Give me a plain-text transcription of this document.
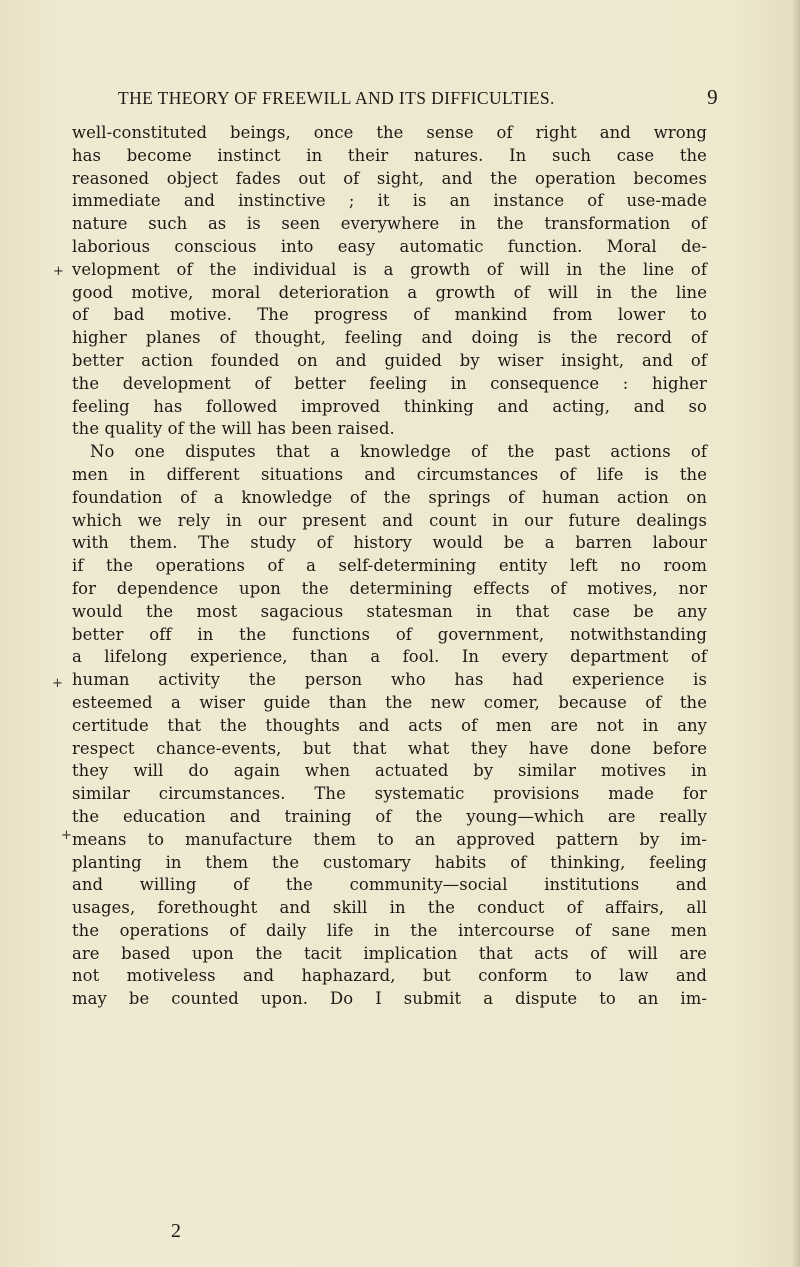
THE THEORY OF FREEWILL AND ITS DIFFICULTIES.	9
well-constituted beings, once the sense of right and wrong
has become instinct in their natures. In such case the
reasoned object fades out of sight, and the operation becomes
immediate and instinctive ; it is an instance of use-made
nature such as is seen everywhere in the transformation of
laborious conscious into easy automatic function. Moral de-
velopment of the individual is a growth of will in the line of
good motive, moral deterioration a growth of will in the line
of bad motive. The progress of mankind from lower to
higher planes of thought, feeling and doing is the record of
better action founded on and guided by wiser insight, and of
the development of better feeling in consequence : higher
feeling has followed improved thinking and acting, and so
the quality of the will has been raised.
No one disputes that a knowledge of the past actions of
men in different situations and circumstances of life is the
foundation of a knowledge of the springs of human action on
which we rely in our present and count in our future dealings
with them. The study of history would be a barren labour
if the operations of a self-determining entity left no room
for dependence upon the determining effects of motives, nor
would the most sagacious statesman in that case be any
better off in the functions of government, notwithstanding
a lifelong experience, than a fool. In every department of
human activity the person who has had experience is
esteemed a wiser guide than the new comer, because of the
certitude that the thoughts and acts of men are not in any
respect chance-events, but that what they have done before
they will do again when actuated by similar motives in
similar circumstances. The systematic provisions made for
the education and training of the young—which are really
means to manufacture them to an approved pattern by im-
planting in them the customary habits of thinking, feeling
and willing of the community—social institutions and
usages, forethought and skill in the conduct of affairs, all
the operations of daily life in the intercourse of sane men
are based upon the tacit implication that acts of will are
not motiveless and haphazard, but conform to law and
may be counted upon. Do I submit a dispute to an im-
2
+
+
+
